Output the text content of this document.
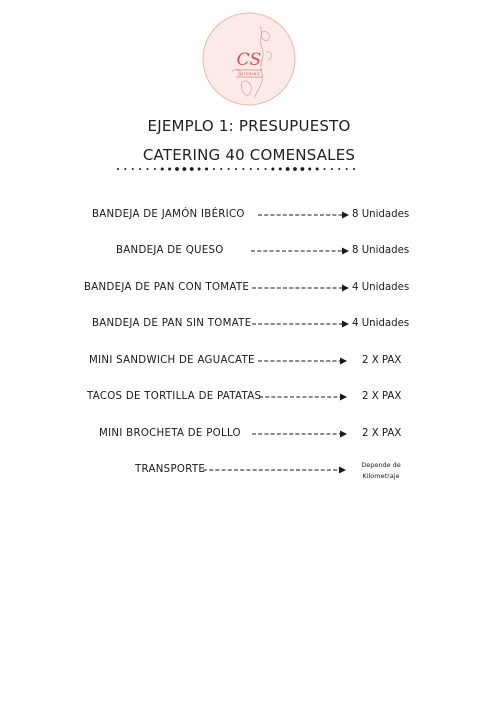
CS
CATERING
EJEMPLO 1: PRESUPUESTO
CATERING 40 COMENSALES
BANDEJA DE JAMÓN IBÉRICO	8 Unidades
BANDEJA DE QUESO	8 Unidades
BANDEJA DE PAN CON TOMATE	4 Unidades
BANDEJA DE PAN SIN TOMATE	4 Unidades
MINI SANDWICH DE AGUACATE	2 X PAX
TACOS DE TORTILLA DE PATATAS	2 X PAX
MINI BROCHETA DE POLLO	2 X PAX
TRANSPORTE	Depende de
Kilometraje
